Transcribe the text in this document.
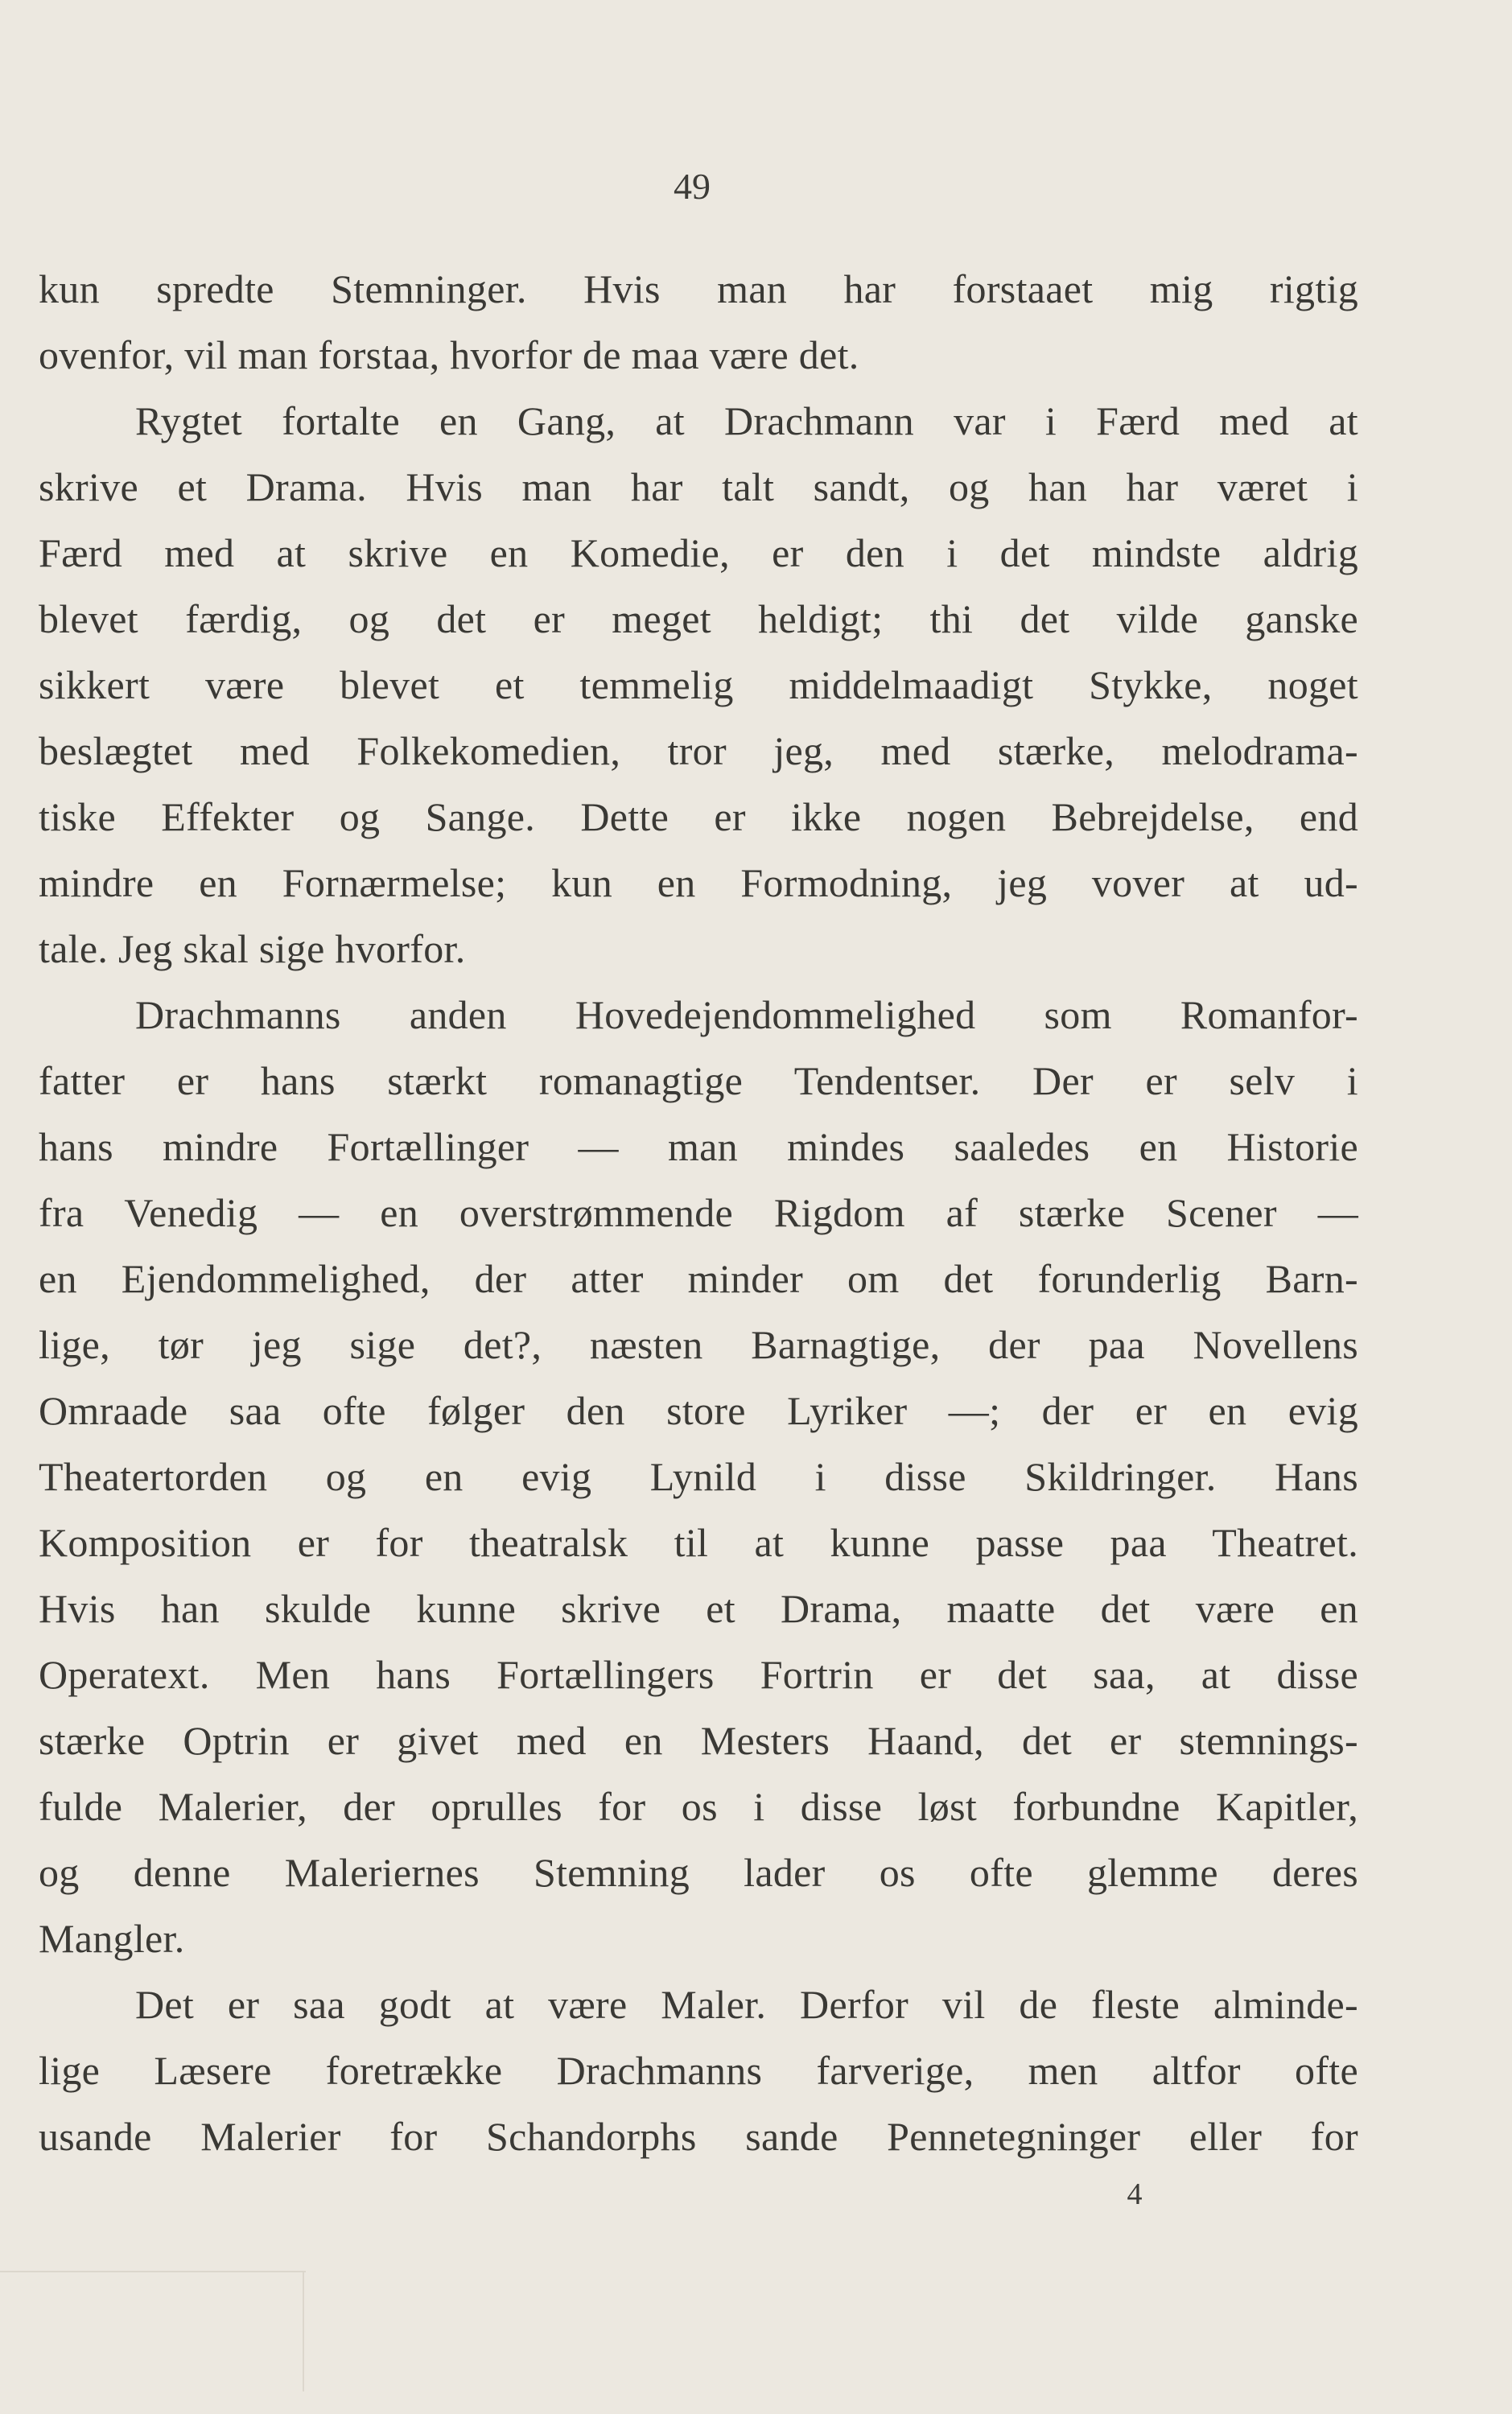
49
kun spredte Stemninger. Hvis man har forstaaet mig rigtig
ovenfor, vil man forstaa, hvorfor de maa være det.
Rygtet fortalte en Gang, at Drachmann var i Færd med at
skrive et Drama. Hvis man har talt sandt, og han har været i
Færd med at skrive en Komedie, er den i det mindste aldrig
blevet færdig, og det er meget heldigt; thi det vilde ganske
sikkert være blevet et temmelig middelmaadigt Stykke, noget
beslægtet med Folkekomedien, tror jeg, med stærke, melodrama-
tiske Effekter og Sange. Dette er ikke nogen Bebrejdelse, end
mindre en Fornærmelse; kun en Formodning, jeg vover at ud-
tale. Jeg skal sige hvorfor.
Drachmanns anden Hovedejendommelighed som Romanfor-
fatter er hans stærkt romanagtige Tendentser. Der er selv i
hans mindre Fortællinger — man mindes saaledes en Historie
fra Venedig — en overstrømmende Rigdom af stærke Scener —
en Ejendommelighed, der atter minder om det forunderlig Barn-
lige, tør jeg sige det?, næsten Barnagtige, der paa Novellens
Omraade saa ofte følger den store Lyriker —; der er en evig
Theatertorden og en evig Lynild i disse Skildringer. Hans
Komposition er for theatralsk til at kunne passe paa Theatret.
Hvis han skulde kunne skrive et Drama, maatte det være en
Operatext. Men hans Fortællingers Fortrin er det saa, at disse
stærke Optrin er givet med en Mesters Haand, det er stemnings-
fulde Malerier, der oprulles for os i disse løst forbundne Kapitler,
og denne Maleriernes Stemning lader os ofte glemme deres
Mangler.
Det er saa godt at være Maler. Derfor vil de fleste alminde-
lige Læsere foretrække Drachmanns farverige, men altfor ofte
usande Malerier for Schandorphs sande Pennetegninger eller for
4
